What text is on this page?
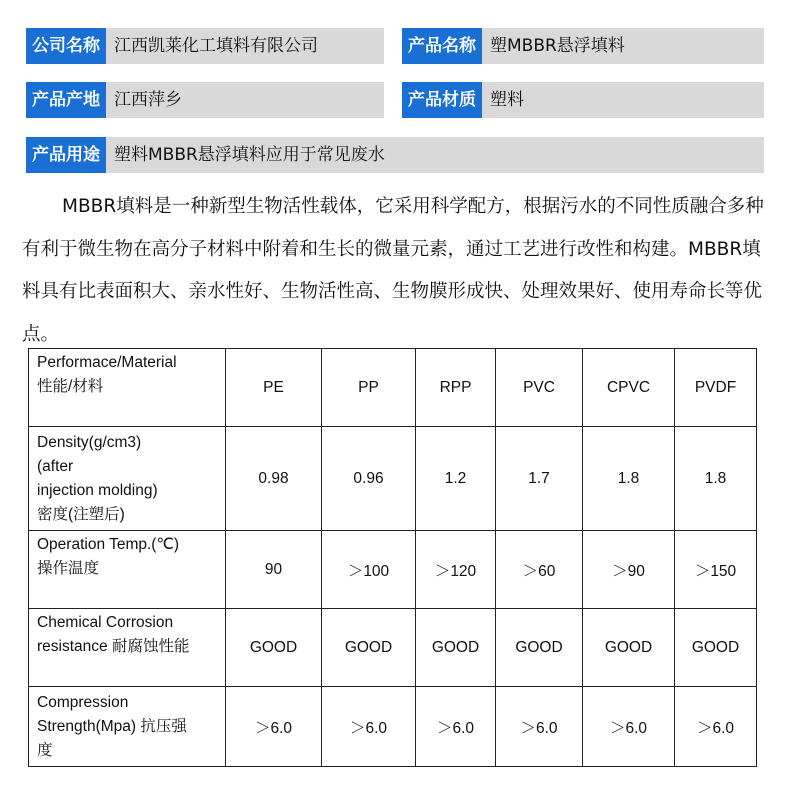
公司名称 江西凯莱化工填料有限公司	产品名称 塑MBBR悬浮填料
产品产地 江西萍乡	产品材质 塑料
产品用途 塑料MBBR悬浮填料应用于常见废水

MBBR填料是一种新型生物活性载体，它采用科学配方，根据污水的不同性质融合多种有利于微生物在高分子材料中附着和生长的微量元素，通过工艺进行改性和构建。MBBR填料具有比表面积大、亲水性好、生物活性高、生物膜形成快、处理效果好、使用寿命长等优点。

Performace/Material
性能/材料	PE	PP	RPP	PVC	CPVC	PVDF

Density(g/cm3)
(after
injection molding)
密度(注塑后)	0.98	0.96	1.2	1.7	1.8	1.8

Operation Temp.(℃)
操作温度	90	＞100	＞120	＞60	＞90	＞150

Chemical Corrosion
resistance 耐腐蚀性能	GOOD	GOOD	GOOD	GOOD	GOOD	GOOD

Compression
Strength(Mpa) 抗压强
度	＞6.0	＞6.0	＞6.0	＞6.0	＞6.0	＞6.0
